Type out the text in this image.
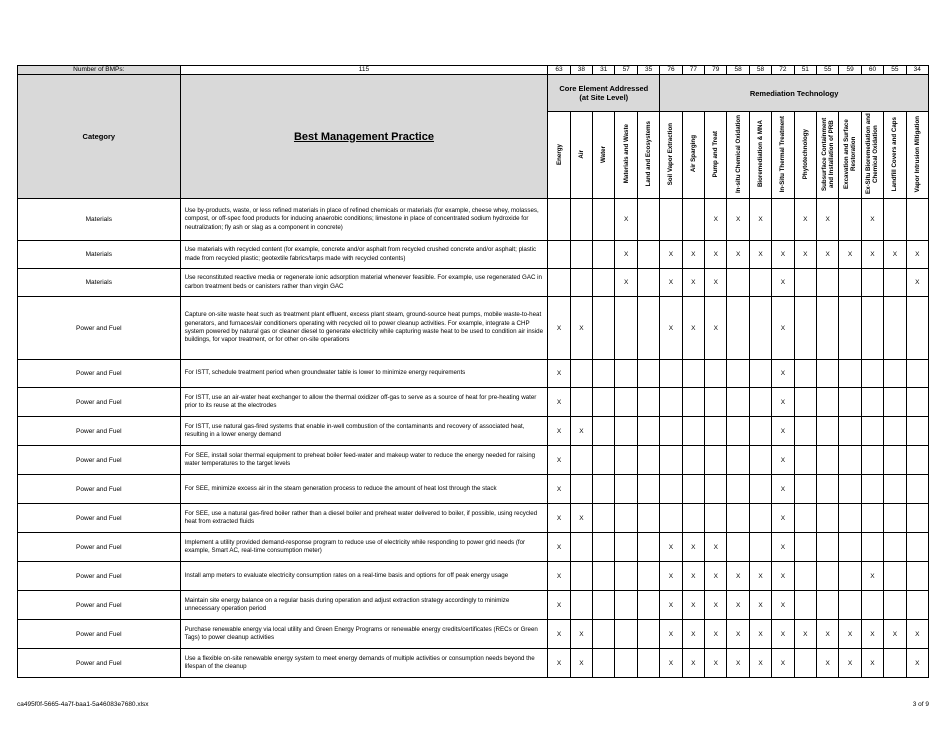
Number of BMPs:	115	63	38	31	57	35	76	77	79	58	58	72	51	55	59	60	55	34
Category	Best Management Practice	Core Element Addressed (at Site Level)					Remediation Technology											
		Energy	Air	Water	Materials and Waste	Land and Ecosystems	Soil Vapor Extraction	Air Sparging	Pump and Treat	In-situ Chemical Oxidation	Bioremediation & MNA	In-Situ Thermal Treatment	Phytotechnology	Subsurface Containment and Installation of PRB	Excavation and Surface Restoration	Ex-Situ Bioremediation and Chemical Oxidation	Landfill Covers and Caps	Vapor Intrusion Mitigation
Materials	Use by-products, waste, or less refined materials in place of refined chemicals or materials (for example, cheese whey, molasses, compost, or off-spec food products for inducing anaerobic conditions; limestone in place of concentrated sodium hydroxide for neutralization; fly ash or slag as a component in concrete)				X				X	X	X		X	X		X		
Materials	Use materials with recycled content (for example, concrete and/or asphalt from recycled crushed concrete and/or asphalt; plastic made from recycled plastic; geotextile fabrics/tarps made with recycled contents)				X		X	X	X	X	X	X	X	X	X	X	X	X
Materials	Use reconstituted reactive media or regenerate ionic adsorption material whenever feasible. For example, use regenerated GAC in carbon treatment beds or canisters rather than virgin GAC				X		X	X	X			X						X
Power and Fuel	Capture on-site waste heat such as treatment plant effluent, excess plant steam, ground-source heat pumps, mobile waste-to-heat generators, and furnaces/air conditioners operating with recycled oil to power cleanup activities. For example, integrate a CHP system powered by natural gas or cleaner diesel to generate electricity while capturing waste heat to be used to condition air inside buildings, for vapor treatment, or for other on-site operations	X	X				X	X	X			X						
Power and Fuel	For ISTT, schedule treatment period when groundwater table is lower to minimize energy requirements	X										X						
Power and Fuel	For ISTT, use an air-water heat exchanger to allow the thermal oxidizer off-gas to serve as a source of heat for pre-heating water prior to its reuse at the electrodes	X										X						
Power and Fuel	For ISTT, use natural gas-fired systems that enable in-well combustion of the contaminants and recovery of associated heat, resulting in a lower energy demand	X	X									X						
Power and Fuel	For SEE, install solar thermal equipment to preheat boiler feed-water and makeup water to reduce the energy needed for raising water temperatures to the target levels	X										X						
Power and Fuel	For SEE, minimize excess air in the steam generation process to reduce the amount of heat lost through the stack	X										X						
Power and Fuel	For SEE, use a natural gas-fired boiler rather than a diesel boiler and preheat water delivered to boiler, if possible, using recycled heat from extracted fluids	X	X									X						
Power and Fuel	Implement a utility provided demand-response program to reduce use of electricity while responding to power grid needs (for example, Smart AC, real-time consumption meter)	X					X	X	X			X						
Power and Fuel	Install amp meters to evaluate electricity consumption rates on a real-time basis and options for off peak energy usage	X					X	X	X	X	X	X				X		
Power and Fuel	Maintain site energy balance on a regular basis during operation and adjust extraction strategy accordingly to minimize unnecessary operation period	X					X	X	X	X	X	X						
Power and Fuel	Purchase renewable energy via local utility and Green Energy Programs or renewable energy credits/certificates (RECs or Green Tags) to power cleanup activities	X	X				X	X	X	X	X	X	X	X	X	X	X	X
Power and Fuel	Use a flexible on-site renewable energy system to meet energy demands of multiple activities or consumption needs beyond the lifespan of the cleanup	X	X				X	X	X	X	X	X		X	X	X		X
ca495f0f-5665-4a7f-baa1-5a46083e7680.xlsx	3 of 9
